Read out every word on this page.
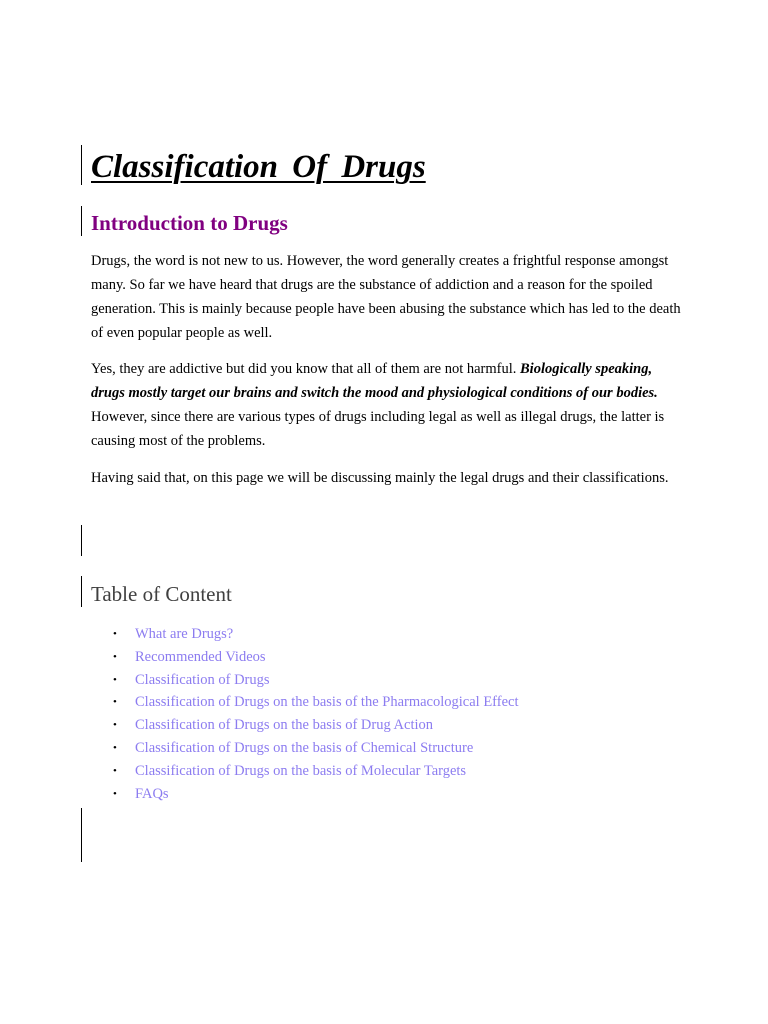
Classification Of Drugs
Introduction to Drugs

Drugs, the word is not new to us. However, the word generally creates a frightful response amongst many. So far we have heard that drugs are the substance of addiction and a reason for the spoiled generation. This is mainly because people have been abusing the substance which has led to the death of even popular people as well.

Yes, they are addictive but did you know that all of them are not harmful. Biologically speaking, drugs mostly target our brains and switch the mood and physiological conditions of our bodies. However, since there are various types of drugs including legal as well as illegal drugs, the latter is causing most of the problems.

Having said that, on this page we will be discussing mainly the legal drugs and their classifications.

Table of Content
• What are Drugs?
• Recommended Videos
• Classification of Drugs
• Classification of Drugs on the basis of the Pharmacological Effect
• Classification of Drugs on the basis of Drug Action
• Classification of Drugs on the basis of Chemical Structure
• Classification of Drugs on the basis of Molecular Targets
• FAQs
